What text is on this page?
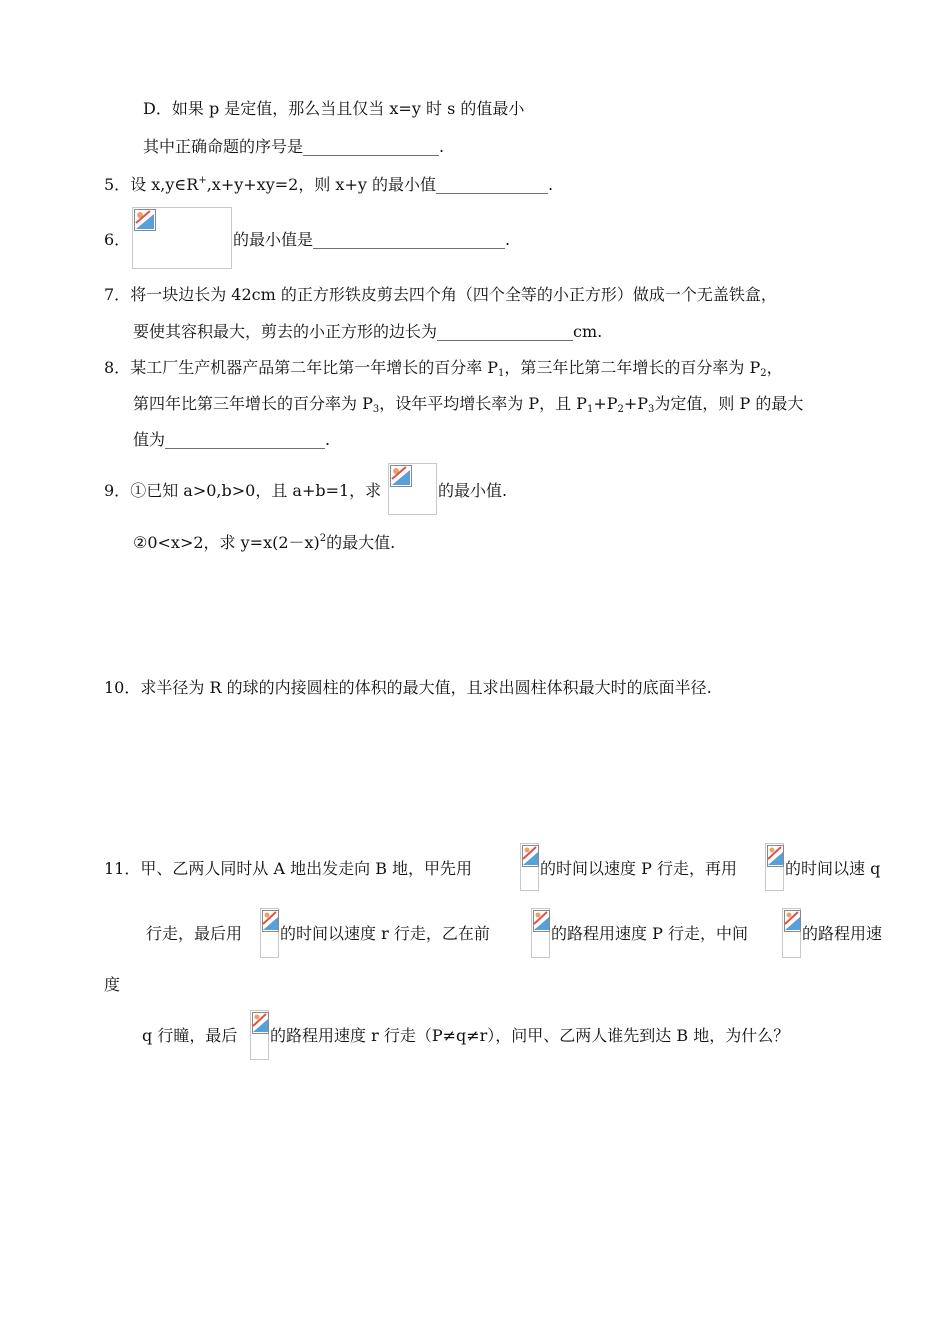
D．如果 p 是定值，那么当且仅当 x=y 时 s 的值最小
其中正确命题的序号是_________________.
5．设 x,y∈R+,x+y+xy=2，则 x+y 的最小值______________.
6．	的最小值是________________________.
7．将一块边长为 42cm 的正方形铁皮剪去四个角（四个全等的小正方形）做成一个无盖铁盒，
要使其容积最大，剪去的小正方形的边长为_________________cm.
8．某工厂生产机器产品第二年比第一年增长的百分率 $P_1$，第三年比第二年增长的百分率为 $P_2$，
第四年比第三年增长的百分率为 $P_3$，设年平均增长率为 P，且 $P_1+P_2+P_3$为定值，则 P 的最大
值为____________________.
9．①已知 a>0,b>0，且 a+b=1，求	的最小值.
②0<x>2，求 $y=x(2-x)^2$的最大值.
10．求半径为 R 的球的内接圆柱的体积的最大值，且求出圆柱体积最大时的底面半径.
11．甲、乙两人同时从 A 地出发走向 B 地，甲先用	的时间以速度 P 行走，再用	的时间以速 q
行走，最后用 的时间以速度 r 行走，乙在前	的路程用速度 P 行走，中间	的路程用速
度
q 行瞳，最后 的路程用速度 r 行走（P≠q≠r），问甲、乙两人谁先到达 B 地，为什么？
